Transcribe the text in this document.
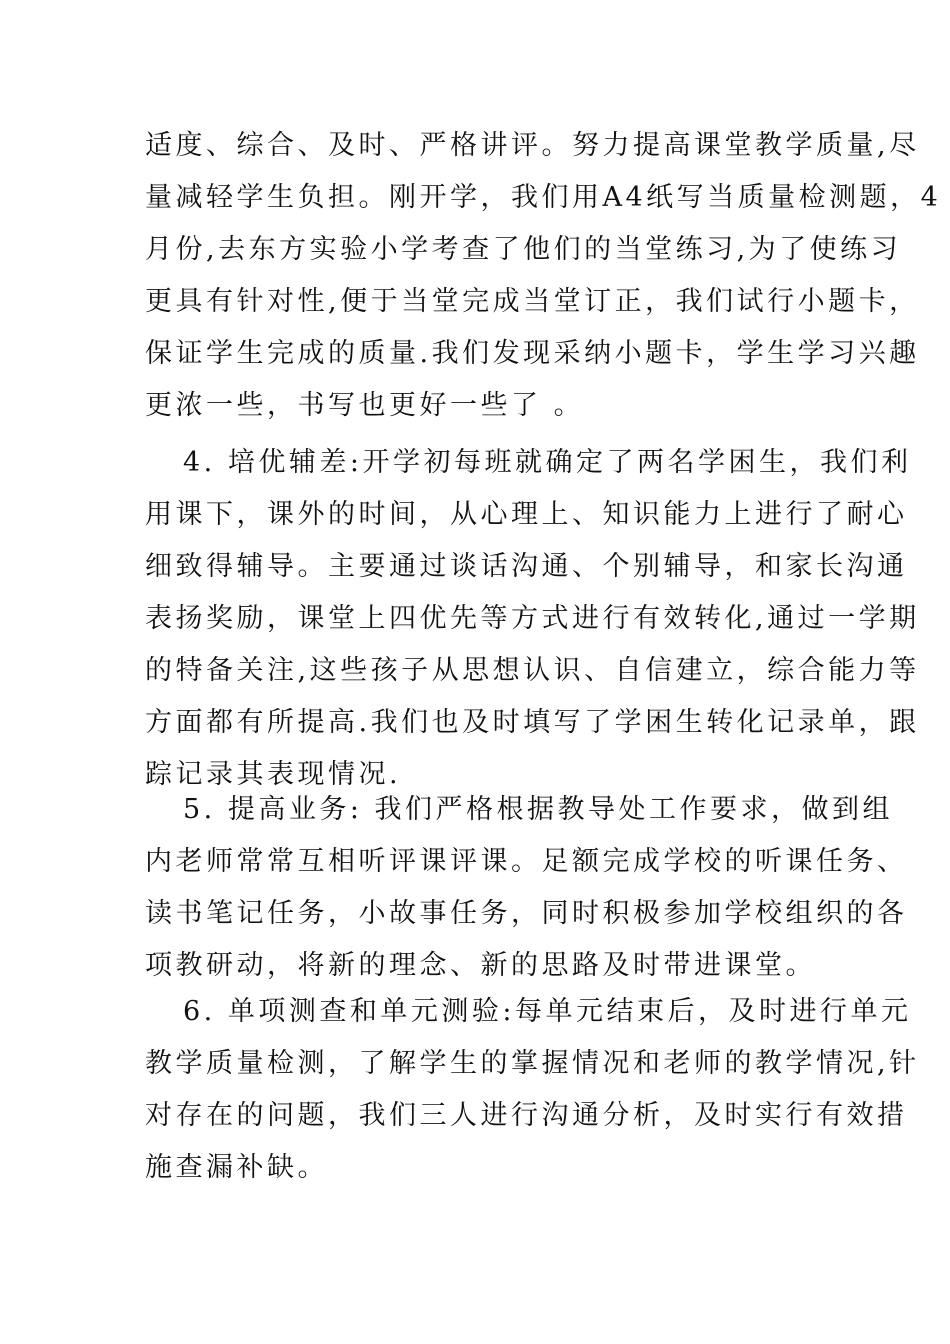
适度、综合、及时、严格讲评。努力提高课堂教学质量,尽
量减轻学生负担。刚开学，我们用A4纸写当质量检测题，4
月份,去东方实验小学考查了他们的当堂练习,为了使练习
更具有针对性,便于当堂完成当堂订正，我们试行小题卡，
保证学生完成的质量.我们发现采纳小题卡，学生学习兴趣
更浓一些，书写也更好一些了 。
4. 培优辅差:开学初每班就确定了两名学困生，我们利
用课下，课外的时间，从心理上、知识能力上进行了耐心
细致得辅导。主要通过谈话沟通、个别辅导，和家长沟通
表扬奖励，课堂上四优先等方式进行有效转化,通过一学期
的特备关注,这些孩子从思想认识、自信建立，综合能力等
方面都有所提高.我们也及时填写了学困生转化记录单，跟
踪记录其表现情况.
5. 提高业务: 我们严格根据教导处工作要求，做到组
内老师常常互相听评课评课。足额完成学校的听课任务、
读书笔记任务，小故事任务，同时积极参加学校组织的各
项教研动，将新的理念、新的思路及时带进课堂。
6. 单项测查和单元测验:每单元结束后，及时进行单元
教学质量检测，了解学生的掌握情况和老师的教学情况,针
对存在的问题，我们三人进行沟通分析，及时实行有效措
施查漏补缺。
